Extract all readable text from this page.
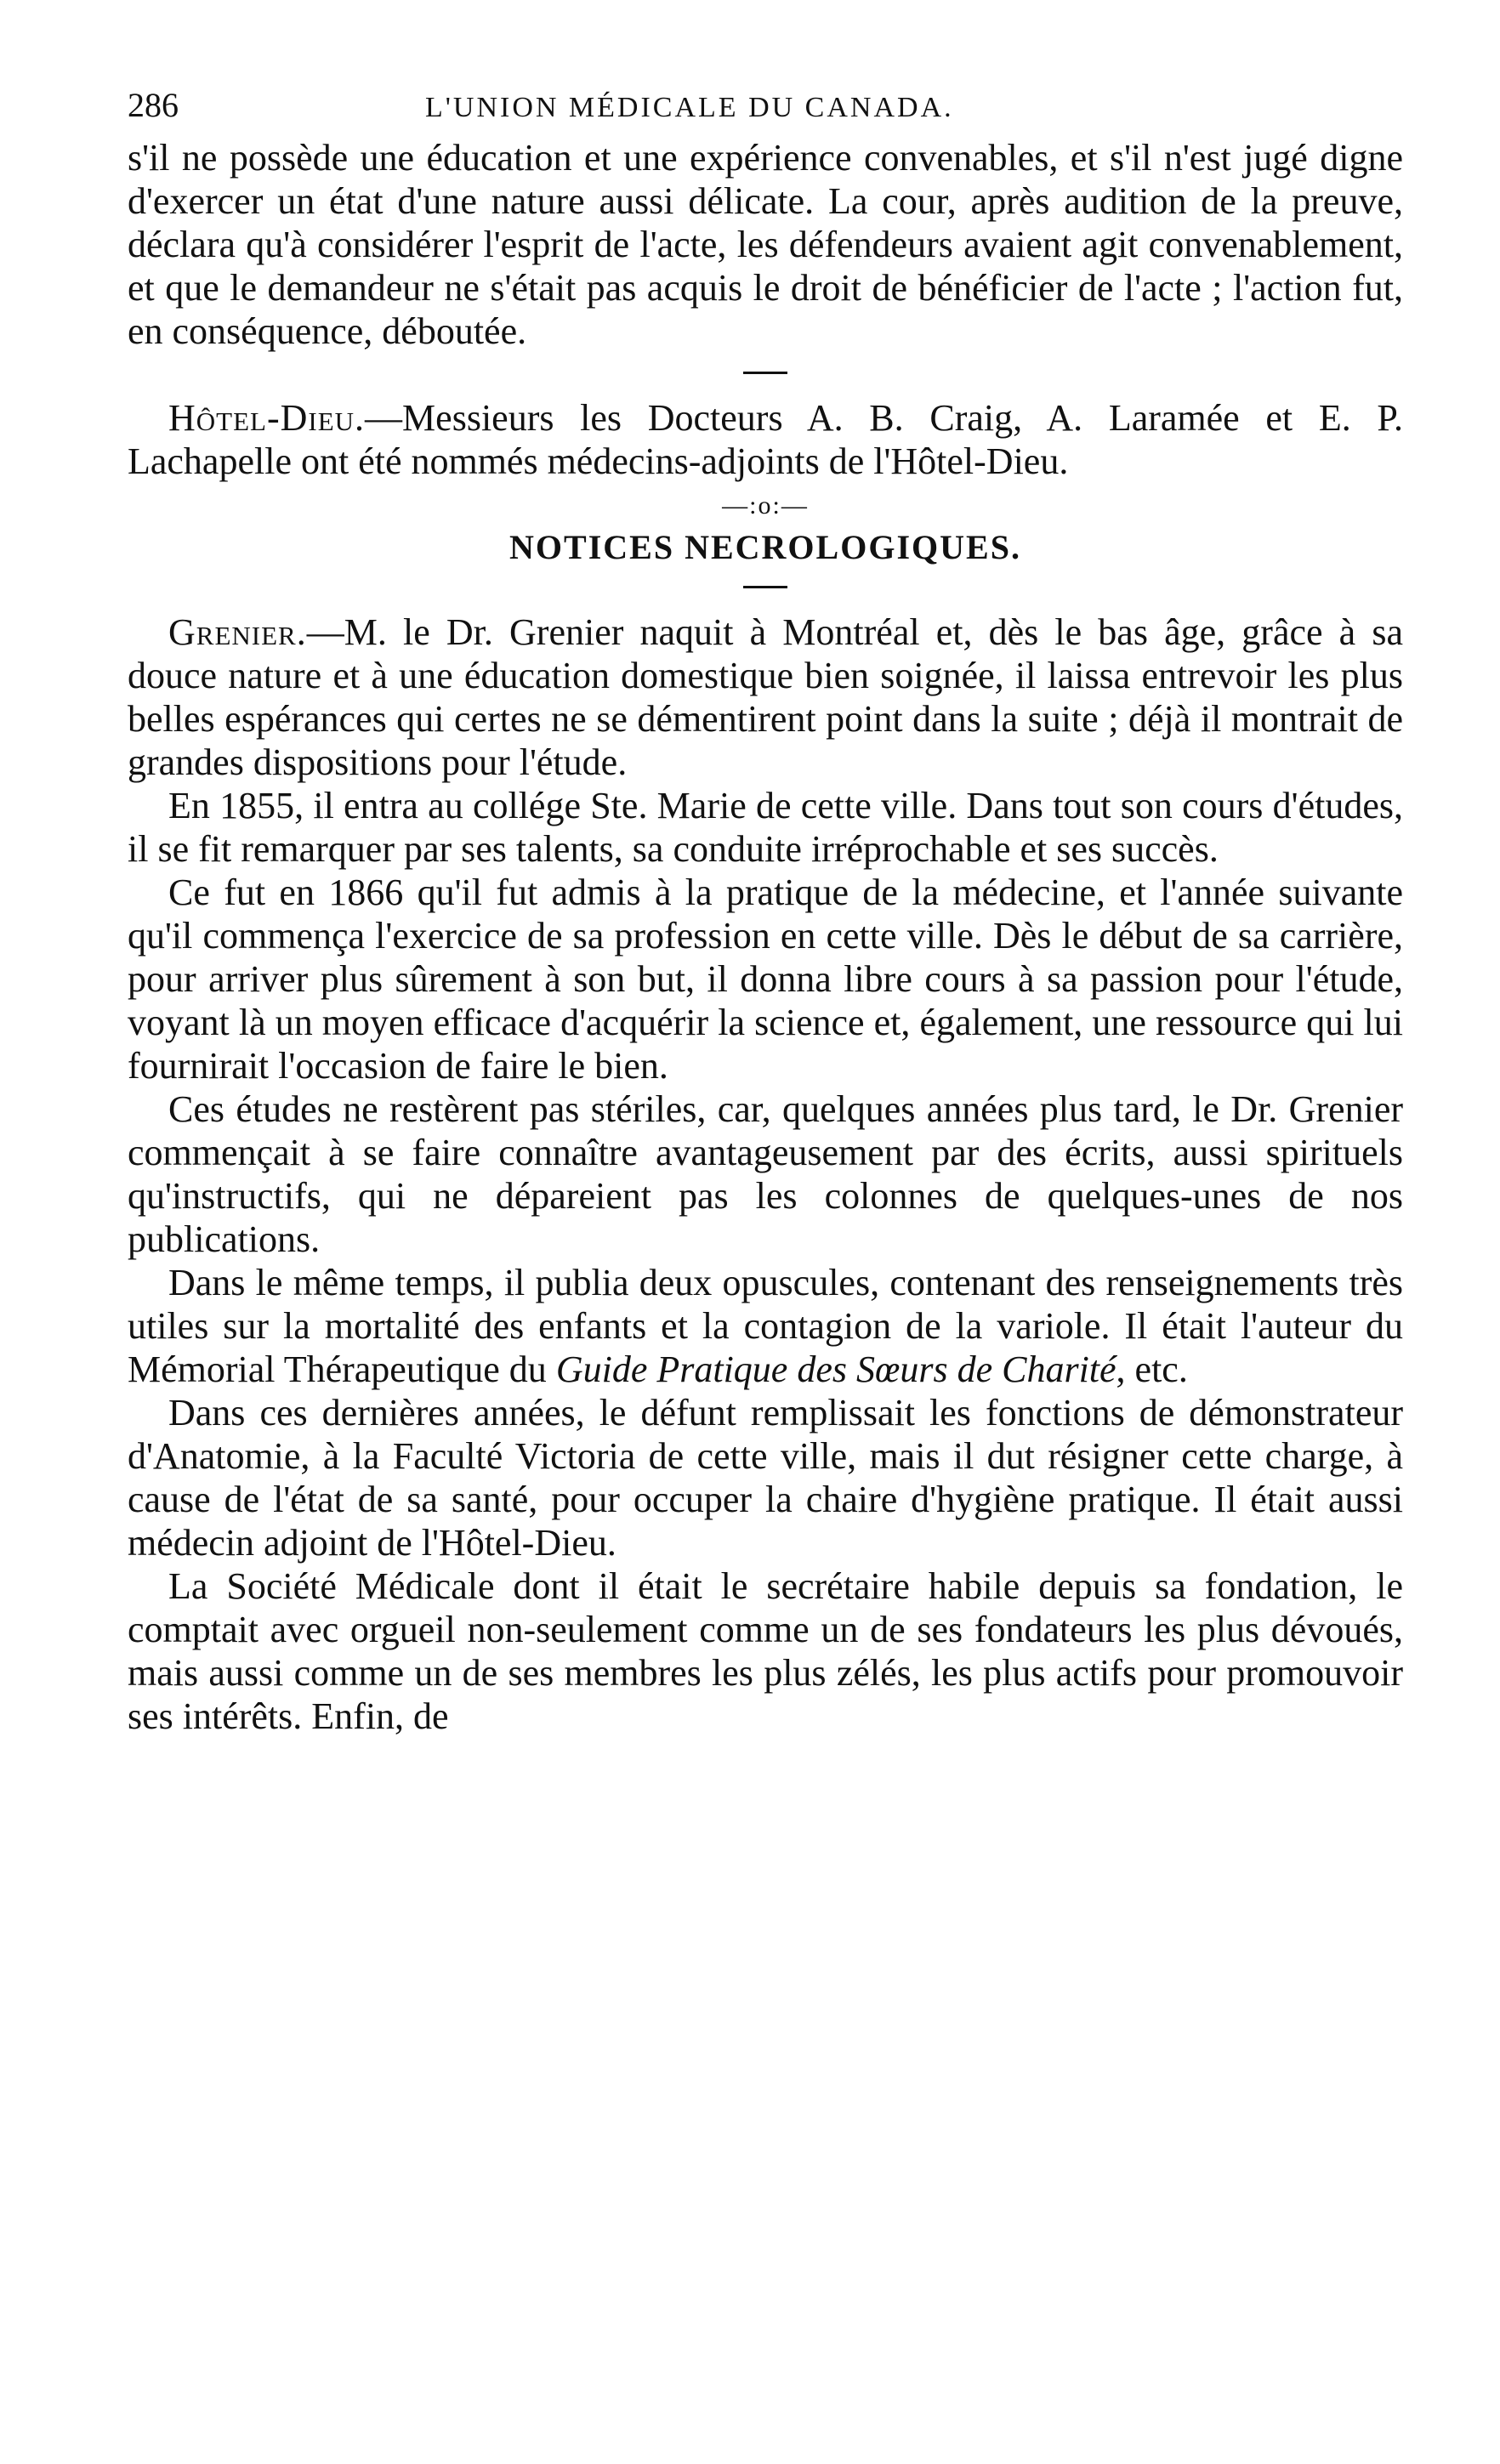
286	L'UNION MÉDICALE DU CANADA.

s'il ne possède une éducation et une expérience convenables, et s'il n'est jugé digne d'exercer un état d'une nature aussi délicate. La cour, après audition de la preuve, déclara qu'à considérer l'esprit de l'acte, les défendeurs avaient agit convenablement, et que le demandeur ne s'était pas acquis le droit de bénéficier de l'acte ; l'action fut, en conséquence, déboutée.

Hôtel-Dieu.—Messieurs les Docteurs A. B. Craig, A. Laramée et E. P. Lachapelle ont été nommés médecins-adjoints de l'Hôtel-Dieu.

—:o:—
NOTICES NECROLOGIQUES.

Grenier.—M. le Dr. Grenier naquit à Montréal et, dès le bas âge, grâce à sa douce nature et à une éducation domestique bien soignée, il laissa entrevoir les plus belles espérances qui certes ne se démentirent point dans la suite ; déjà il montrait de grandes dispositions pour l'étude.

En 1855, il entra au collége Ste. Marie de cette ville. Dans tout son cours d'études, il se fit remarquer par ses talents, sa conduite irréprochable et ses succès.

Ce fut en 1866 qu'il fut admis à la pratique de la médecine, et l'année suivante qu'il commença l'exercice de sa profession en cette ville. Dès le début de sa carrière, pour arriver plus sûrement à son but, il donna libre cours à sa passion pour l'étude, voyant là un moyen efficace d'acquérir la science et, également, une ressource qui lui fournirait l'occasion de faire le bien.

Ces études ne restèrent pas stériles, car, quelques années plus tard, le Dr. Grenier commençait à se faire connaître avantageusement par des écrits, aussi spirituels qu'instructifs, qui ne dépareient pas les colonnes de quelques-unes de nos publications.

Dans le même temps, il publia deux opuscules, contenant des renseignements très utiles sur la mortalité des enfants et la contagion de la variole. Il était l'auteur du Mémorial Thérapeutique du Guide Pratique des Sœurs de Charité, etc.

Dans ces dernières années, le défunt remplissait les fonctions de démonstrateur d'Anatomie, à la Faculté Victoria de cette ville, mais il dut résigner cette charge, à cause de l'état de sa santé, pour occuper la chaire d'hygiène pratique. Il était aussi médecin adjoint de l'Hôtel-Dieu.

La Société Médicale dont il était le secrétaire habile depuis sa fondation, le comptait avec orgueil non-seulement comme un de ses fondateurs les plus dévoués, mais aussi comme un de ses membres les plus zélés, les plus actifs pour promouvoir ses intérêts. Enfin, de
